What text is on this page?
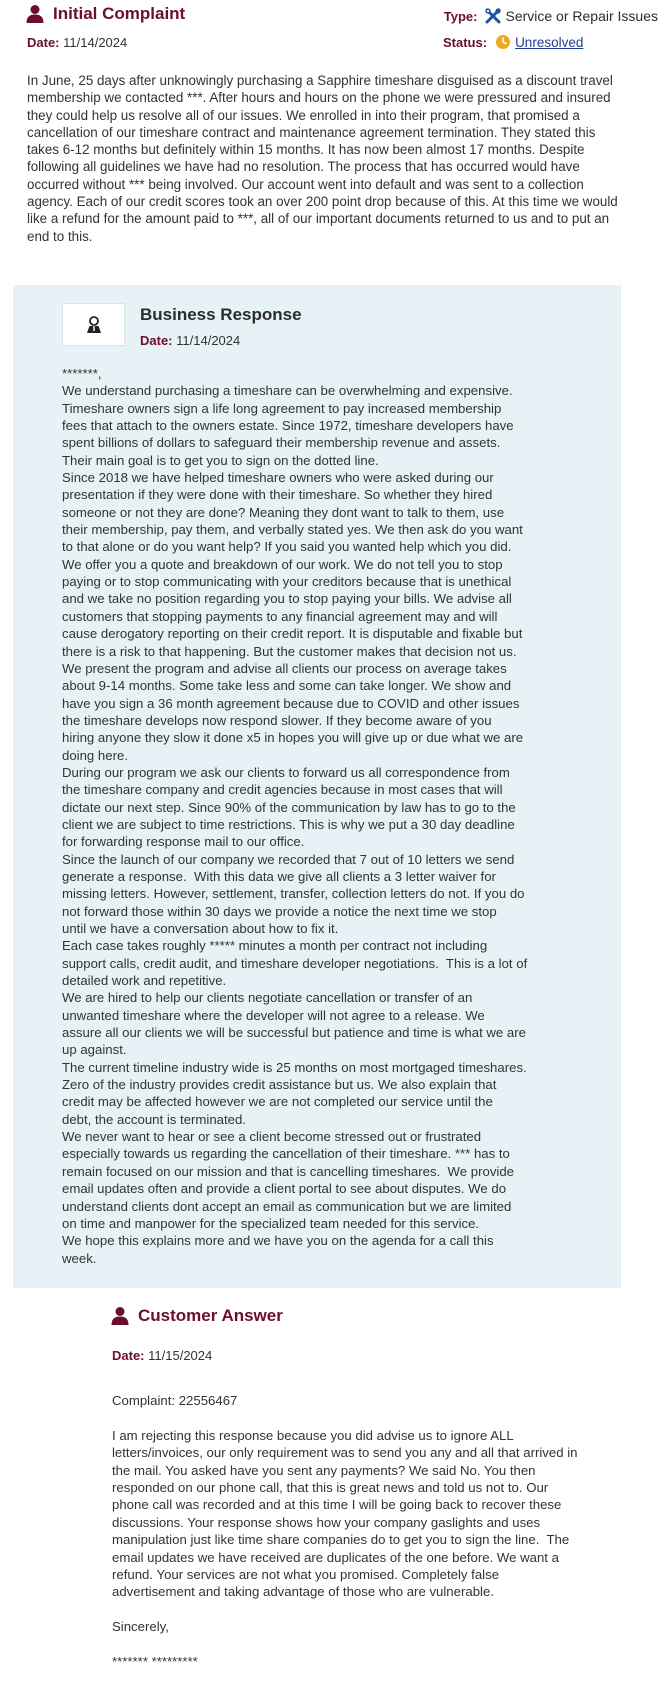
Initial Complaint
Date: 11/14/2024
Type: Service or Repair Issues
Status: Unresolved

In June, 25 days after unknowingly purchasing a Sapphire timeshare disguised as a discount travel membership we contacted ***. After hours and hours on the phone we were pressured and insured they could help us resolve all of our issues. We enrolled in into their program, that promised a cancellation of our timeshare contract and maintenance agreement termination. They stated this takes 6-12 months but definitely within 15 months. It has now been almost 17 months. Despite following all guidelines we have had no resolution. The process that has occurred would have occurred without *** being involved. Our account went into default and was sent to a collection agency. Each of our credit scores took an over 200 point drop because of this. At this time we would like a refund for the amount paid to ***, all of our important documents returned to us and to put an end to this.

Business Response
Date: 11/14/2024

*******,
We understand purchasing a timeshare can be overwhelming and expensive.
Timeshare owners sign a life long agreement to pay increased membership
fees that attach to the owners estate. Since 1972, timeshare developers have
spent billions of dollars to safeguard their membership revenue and assets.
Their main goal is to get you to sign on the dotted line.
Since 2018 we have helped timeshare owners who were asked during our
presentation if they were done with their timeshare. So whether they hired
someone or not they are done? Meaning they dont want to talk to them, use
their membership, pay them, and verbally stated yes. We then ask do you want
to that alone or do you want help? If you said you wanted help which you did.
We offer you a quote and breakdown of our work. We do not tell you to stop
paying or to stop communicating with your creditors because that is unethical
and we take no position regarding you to stop paying your bills. We advise all
customers that stopping payments to any financial agreement may and will
cause derogatory reporting on their credit report. It is disputable and fixable but
there is a risk to that happening. But the customer makes that decision not us.
We present the program and advise all clients our process on average takes
about 9-14 months. Some take less and some can take longer. We show and
have you sign a 36 month agreement because due to COVID and other issues
the timeshare develops now respond slower. If they become aware of you
hiring anyone they slow it done x5 in hopes you will give up or due what we are
doing here.
During our program we ask our clients to forward us all correspondence from
the timeshare company and credit agencies because in most cases that will
dictate our next step. Since 90% of the communication by law has to go to the
client we are subject to time restrictions. This is why we put a 30 day deadline
for forwarding response mail to our office.
Since the launch of our company we recorded that 7 out of 10 letters we send
generate a response.  With this data we give all clients a 3 letter waiver for
missing letters. However, settlement, transfer, collection letters do not. If you do
not forward those within 30 days we provide a notice the next time we stop
until we have a conversation about how to fix it.
Each case takes roughly ***** minutes a month per contract not including
support calls, credit audit, and timeshare developer negotiations.  This is a lot of
detailed work and repetitive.
We are hired to help our clients negotiate cancellation or transfer of an
unwanted timeshare where the developer will not agree to a release. We
assure all our clients we will be successful but patience and time is what we are
up against.
The current timeline industry wide is 25 months on most mortgaged timeshares.
Zero of the industry provides credit assistance but us. We also explain that
credit may be affected however we are not completed our service until the
debt, the account is terminated.
We never want to hear or see a client become stressed out or frustrated
especially towards us regarding the cancellation of their timeshare. *** has to
remain focused on our mission and that is cancelling timeshares.  We provide
email updates often and provide a client portal to see about disputes. We do
understand clients dont accept an email as communication but we are limited
on time and manpower for the specialized team needed for this service.
We hope this explains more and we have you on the agenda for a call this
week.

Customer Answer
Date: 11/15/2024

Complaint: 22556467

I am rejecting this response because you did advise us to ignore ALL
letters/invoices, our only requirement was to send you any and all that arrived in
the mail. You asked have you sent any payments? We said No. You then
responded on our phone call, that this is great news and told us not to. Our
phone call was recorded and at this time I will be going back to recover these
discussions. Your response shows how your company gaslights and uses
manipulation just like time share companies do to get you to sign the line.  The
email updates we have received are duplicates of the one before. We want a
refund. Your services are not what you promised. Completely false
advertisement and taking advantage of those who are vulnerable.

Sincerely,

******* *********
